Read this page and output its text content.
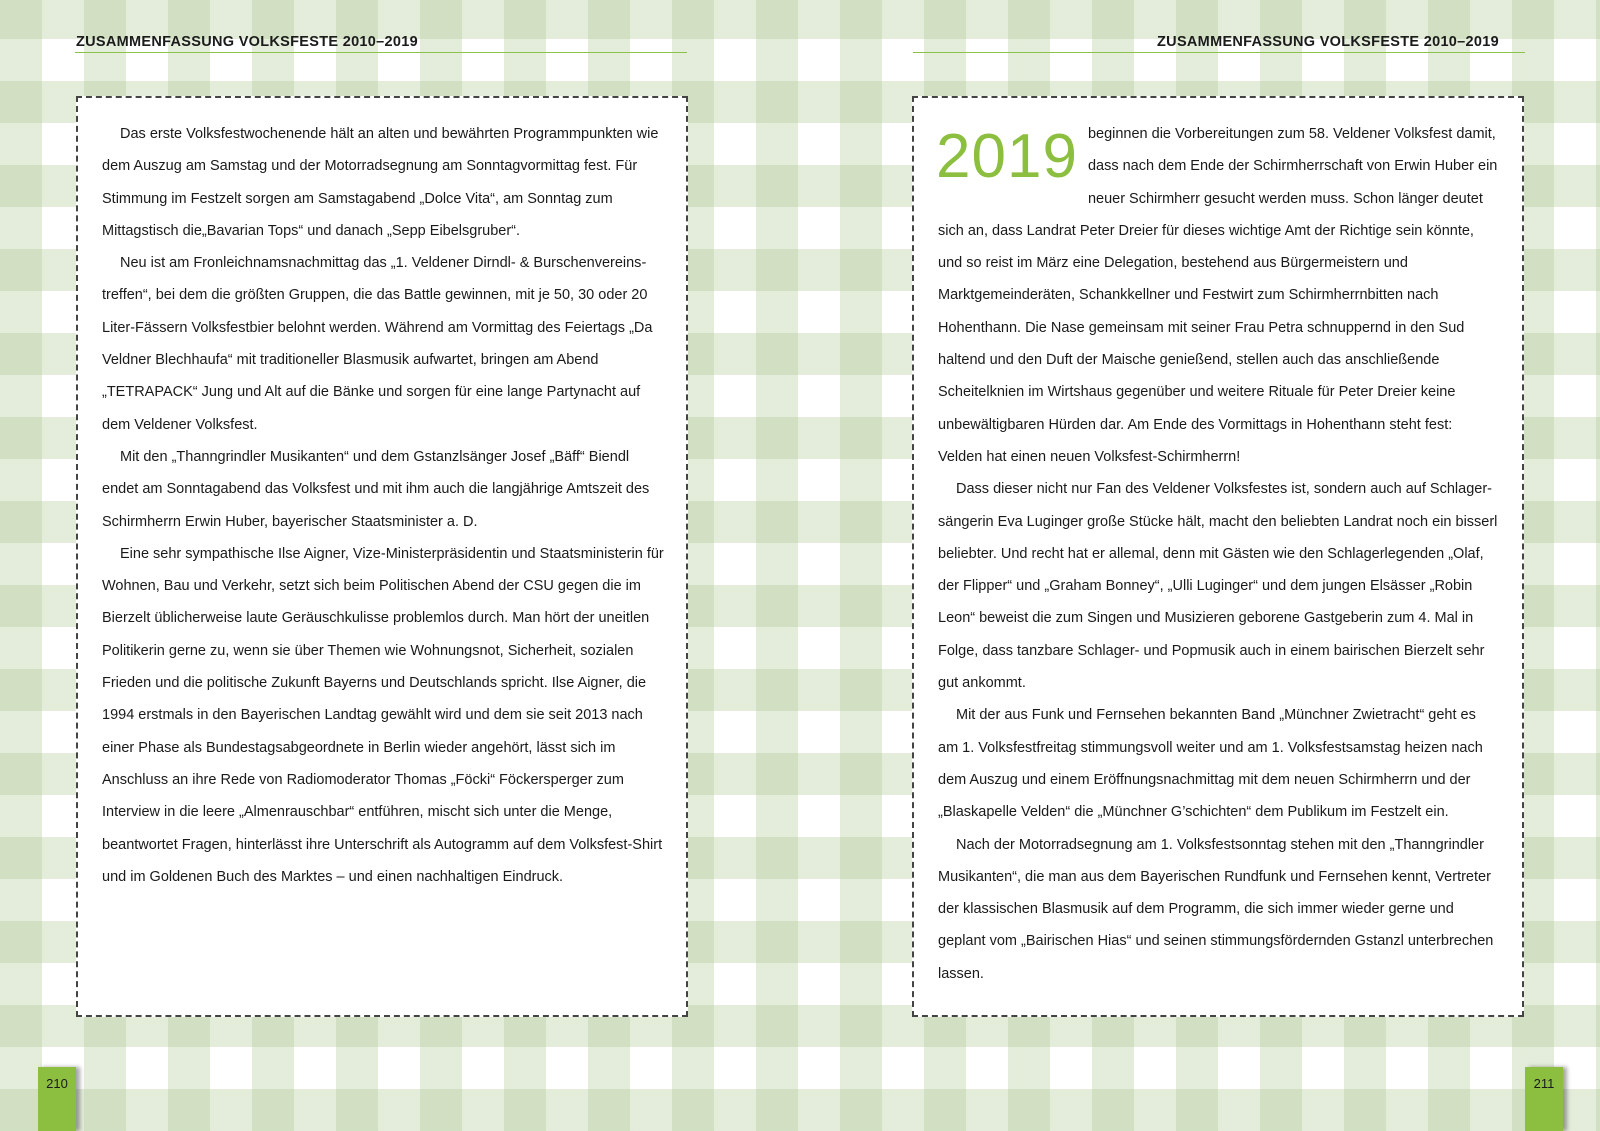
ZUSAMMENFASSUNG VOLKSFESTE 2010–2019

Das erste Volksfestwochenende hält an alten und bewährten Programmpunkten wie dem Auszug am Samstag und der Motorradsegnung am Sonntagvormittag fest. Für Stimmung im Festzelt sorgen am Samstagabend „Dolce Vita“, am Sonntag zum Mittagstisch die„Bavarian Tops“ und danach „Sepp Eibelsgruber“.

Neu ist am Fronleichnamsnachmittag das „1. Veldener Dirndl- & Burschenvereinstreffen“, bei dem die größten Gruppen, die das Battle gewinnen, mit je 50, 30 oder 20 Liter-Fässern Volksfestbier belohnt werden. Während am Vormittag des Feiertags „Da Veldner Blechhaufa“ mit traditioneller Blasmusik aufwartet, bringen am Abend „TETRAPACK“ Jung und Alt auf die Bänke und sorgen für eine lange Partynacht auf dem Veldener Volksfest.

Mit den „Thanngrindler Musikanten“ und dem Gstanzlsänger Josef „Bäff“ Biendl endet am Sonntagabend das Volksfest und mit ihm auch die langjährige Amtszeit des Schirmherrn Erwin Huber, bayerischer Staatsminister a. D.

Eine sehr sympathische Ilse Aigner, Vize-Ministerpräsidentin und Staatsministerin für Wohnen, Bau und Verkehr, setzt sich beim Politischen Abend der CSU gegen die im Bierzelt üblicherweise laute Geräuschkulisse problemlos durch. Man hört der uneitlen Politikerin gerne zu, wenn sie über Themen wie Wohnungsnot, Sicherheit, sozialen Frieden und die politische Zukunft Bayerns und Deutschlands spricht. Ilse Aigner, die 1994 erstmals in den Bayerischen Landtag gewählt wird und dem sie seit 2013 nach einer Phase als Bundestagsabgeordnete in Berlin wieder angehört, lässt sich im Anschluss an ihre Rede von Radiomoderator Thomas „Föcki“ Föckersperger zum Interview in die leere „Almenrauschbar“ entführen, mischt sich unter die Menge, beantwortet Fragen, hinterlässt ihre Unterschrift als Autogramm auf dem Volksfest-Shirt und im Goldenen Buch des Marktes – und einen nachhaltigen Eindruck.

210
ZUSAMMENFASSUNG VOLKSFESTE 2010–2019
2019 beginnen die Vorbereitungen zum 58. Veldener Volksfest damit, dass nach dem Ende der Schirmherrschaft von Erwin Huber ein neuer Schirmherr gesucht werden muss. Schon länger deutet sich an, dass Landrat Peter Dreier für dieses wichtige Amt der Richtige sein könnte, und so reist im März eine Delegation, bestehend aus Bürgermeistern und Marktgemeinderäten, Schankkellner und Festwirt zum Schirmherrnbitten nach Hohenthann. Die Nase gemeinsam mit seiner Frau Petra schnuppernd in den Sud haltend und den Duft der Maische genießend, stellen auch das anschließende Scheitelknien im Wirtshaus gegenüber und weitere Rituale für Peter Dreier keine unbewältigbaren Hürden dar. Am Ende des Vormittags in Hohenthann steht fest: Velden hat einen neuen Volksfest-Schirmherrn!

Dass dieser nicht nur Fan des Veldener Volksfestes ist, sondern auch auf Schlagersängerin Eva Luginger große Stücke hält, macht den beliebten Landrat noch ein bisserl beliebter. Und recht hat er allemal, denn mit Gästen wie den Schlagerlegenden „Olaf, der Flipper“ und „Graham Bonney“, „Ulli Luginger“ und dem jungen Elsässer „Robin Leon“ beweist die zum Singen und Musizieren geborene Gastgeberin zum 4. Mal in Folge, dass tanzbare Schlager- und Popmusik auch in einem bairischen Bierzelt sehr gut ankommt.

Mit der aus Funk und Fernsehen bekannten Band „Münchner Zwietracht“ geht es am 1. Volksfestfreitag stimmungsvoll weiter und am 1. Volksfestsamstag heizen nach dem Auszug und einem Eröffnungsnachmittag mit dem neuen Schirmherrn und der „Blaskapelle Velden“ die „Münchner G’schichten“ dem Publikum im Festzelt ein.

Nach der Motorradsegnung am 1. Volksfestsonntag stehen mit den „Thanngrindler Musikanten“, die man aus dem Bayerischen Rundfunk und Fernsehen kennt, Vertreter der klassischen Blasmusik auf dem Programm, die sich immer wieder gerne und geplant vom „Bairischen Hias“ und seinen stimmungsfördernden Gstanzl unterbrechen lassen.

211
